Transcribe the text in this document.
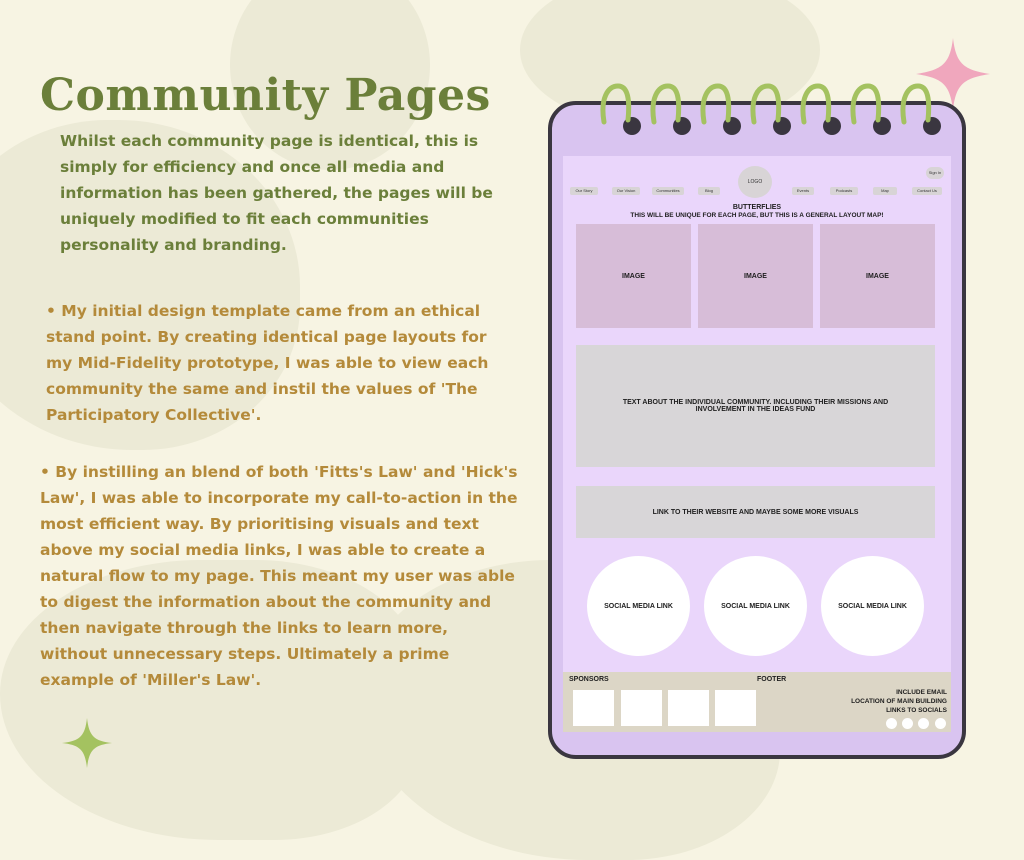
Community Pages
Whilst each community page is identical, this is simply for efficiency and once all media and information has been gathered, the pages will be uniquely modified to fit each communities personality and branding.
• My initial design template came from an ethical stand point. By creating identical page layouts for my Mid-Fidelity prototype, I was able to view each community the same and instil the values of 'The Participatory Collective'.
• By instilling an blend of both 'Fitts's Law' and 'Hick's Law', I was able to incorporate my call-to-action in the most efficient way. By prioritising visuals and text above my social media links, I was able to create a natural flow to my page. This meant my user was able to digest the information about the community and then navigate through the links to learn more, without unnecessary steps. Ultimately a prime example of 'Miller's Law'.
LOGO
Sign In
Our Story	Our Vision	Communities	Blog	Events	Podcasts	Map	Contact Us
BUTTERFLIES
THIS WILL BE UNIQUE FOR EACH PAGE, BUT THIS IS A GENERAL LAYOUT MAP!
IMAGE	IMAGE	IMAGE
TEXT ABOUT THE INDIVIDUAL COMMUNITY. INCLUDING THEIR MISSIONS AND INVOLVEMENT IN THE IDEAS FUND
LINK TO THEIR WEBSITE AND MAYBE SOME MORE VISUALS
SOCIAL MEDIA LINK	SOCIAL MEDIA LINK	SOCIAL MEDIA LINK
SPONSORS	FOOTER
INCLUDE EMAIL
LOCATION OF MAIN BUILDING
LINKS TO SOCIALS
